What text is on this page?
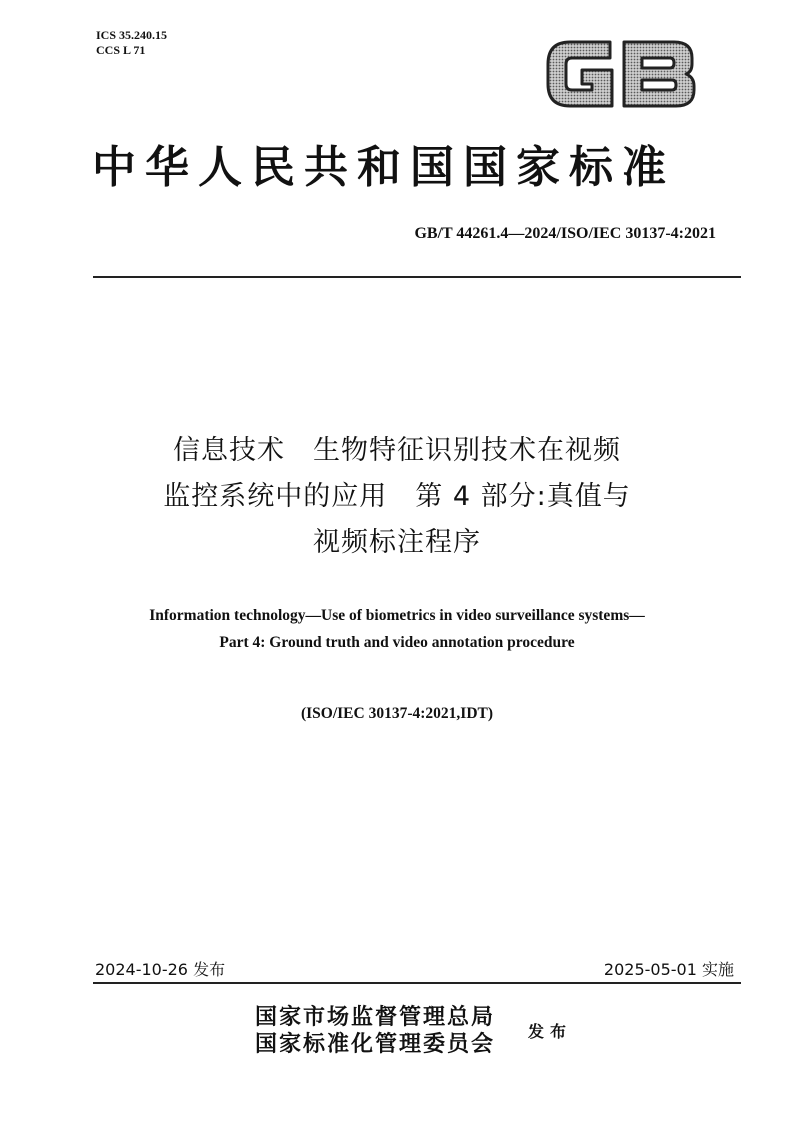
ICS 35.240.15
CCS L 71
中华人民共和国国家标准
GB/T 44261.4—2024/ISO/IEC 30137-4:2021
信息技术　生物特征识别技术在视频
监控系统中的应用　第 4 部分:真值与
视频标注程序
Information technology—Use of biometrics in video surveillance systems—
Part 4: Ground truth and video annotation procedure
(ISO/IEC 30137-4:2021,IDT)
2024-10-26 发布	2025-05-01 实施
国家市场监督管理总局
国家标准化管理委员会 发布
